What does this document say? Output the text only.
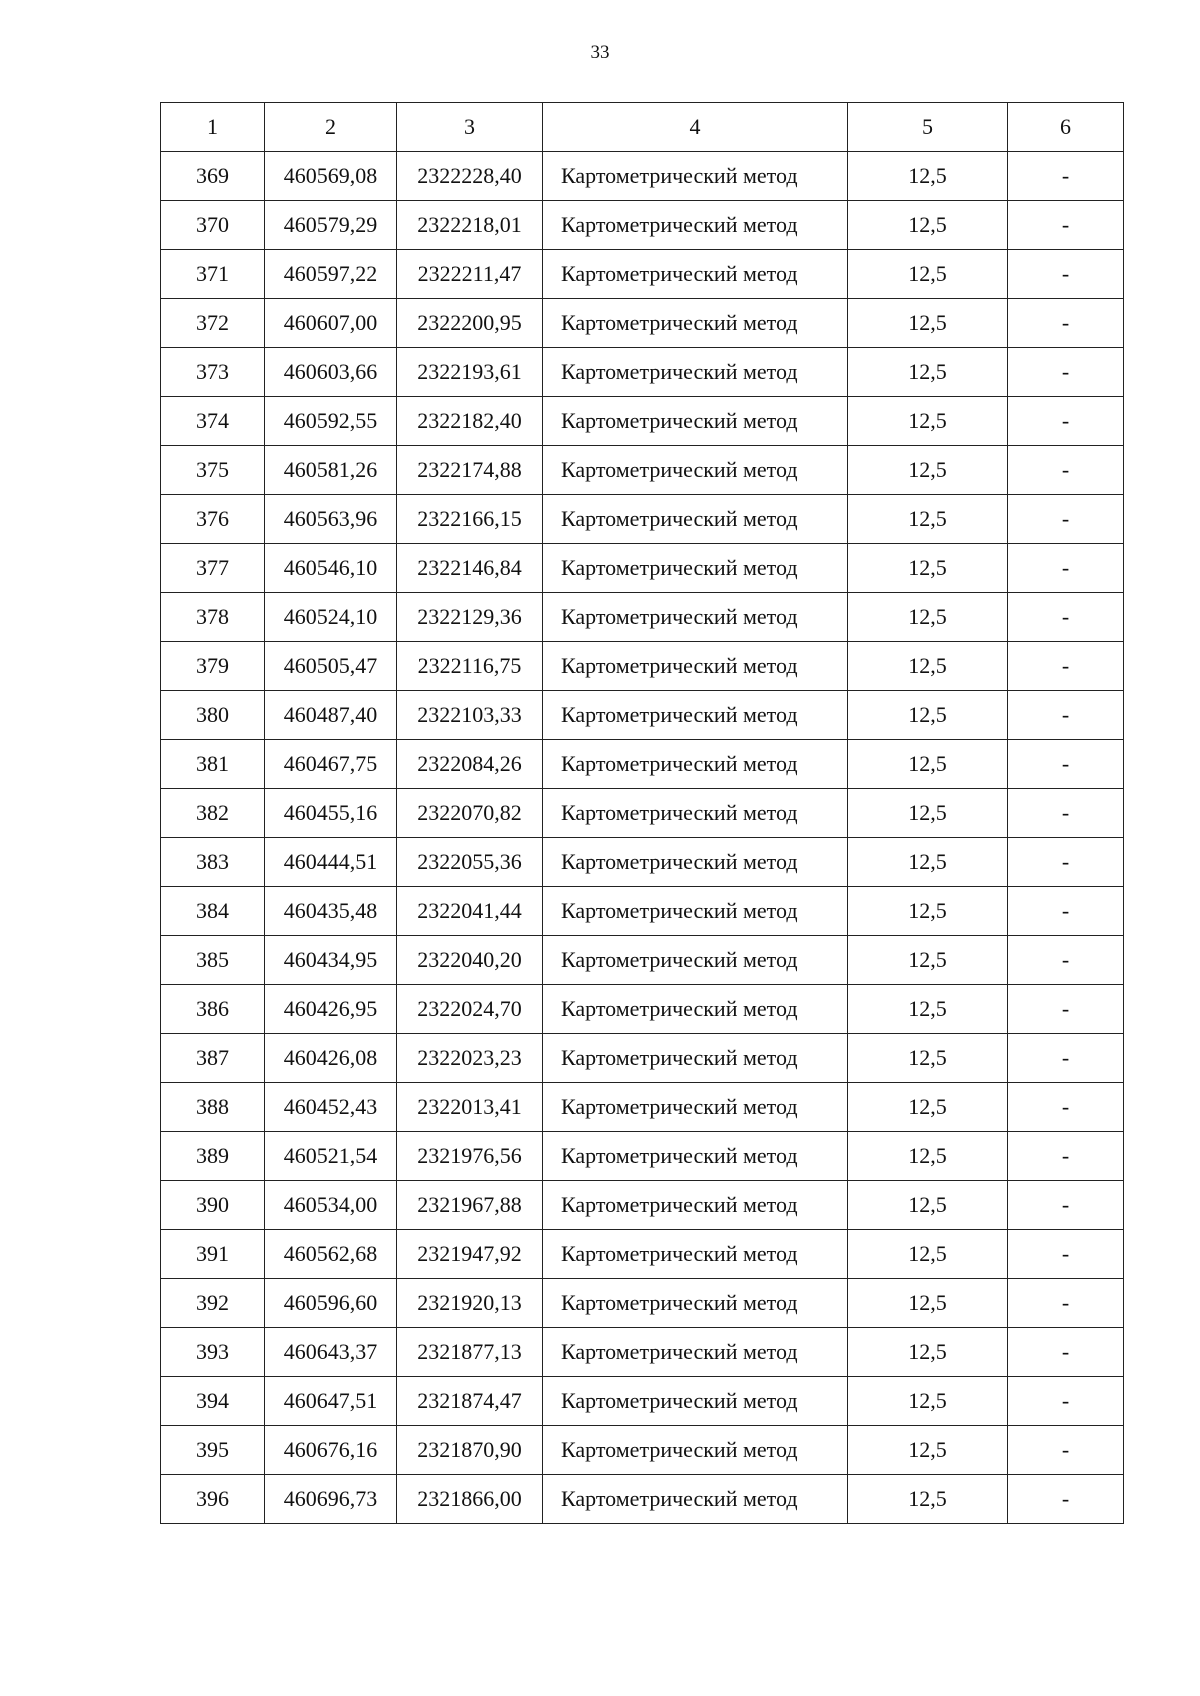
33
1	2	3	4	5	6
369	460569,08	2322228,40	Картометрический метод	12,5	-
370	460579,29	2322218,01	Картометрический метод	12,5	-
371	460597,22	2322211,47	Картометрический метод	12,5	-
372	460607,00	2322200,95	Картометрический метод	12,5	-
373	460603,66	2322193,61	Картометрический метод	12,5	-
374	460592,55	2322182,40	Картометрический метод	12,5	-
375	460581,26	2322174,88	Картометрический метод	12,5	-
376	460563,96	2322166,15	Картометрический метод	12,5	-
377	460546,10	2322146,84	Картометрический метод	12,5	-
378	460524,10	2322129,36	Картометрический метод	12,5	-
379	460505,47	2322116,75	Картометрический метод	12,5	-
380	460487,40	2322103,33	Картометрический метод	12,5	-
381	460467,75	2322084,26	Картометрический метод	12,5	-
382	460455,16	2322070,82	Картометрический метод	12,5	-
383	460444,51	2322055,36	Картометрический метод	12,5	-
384	460435,48	2322041,44	Картометрический метод	12,5	-
385	460434,95	2322040,20	Картометрический метод	12,5	-
386	460426,95	2322024,70	Картометрический метод	12,5	-
387	460426,08	2322023,23	Картометрический метод	12,5	-
388	460452,43	2322013,41	Картометрический метод	12,5	-
389	460521,54	2321976,56	Картометрический метод	12,5	-
390	460534,00	2321967,88	Картометрический метод	12,5	-
391	460562,68	2321947,92	Картометрический метод	12,5	-
392	460596,60	2321920,13	Картометрический метод	12,5	-
393	460643,37	2321877,13	Картометрический метод	12,5	-
394	460647,51	2321874,47	Картометрический метод	12,5	-
395	460676,16	2321870,90	Картометрический метод	12,5	-
396	460696,73	2321866,00	Картометрический метод	12,5	-
